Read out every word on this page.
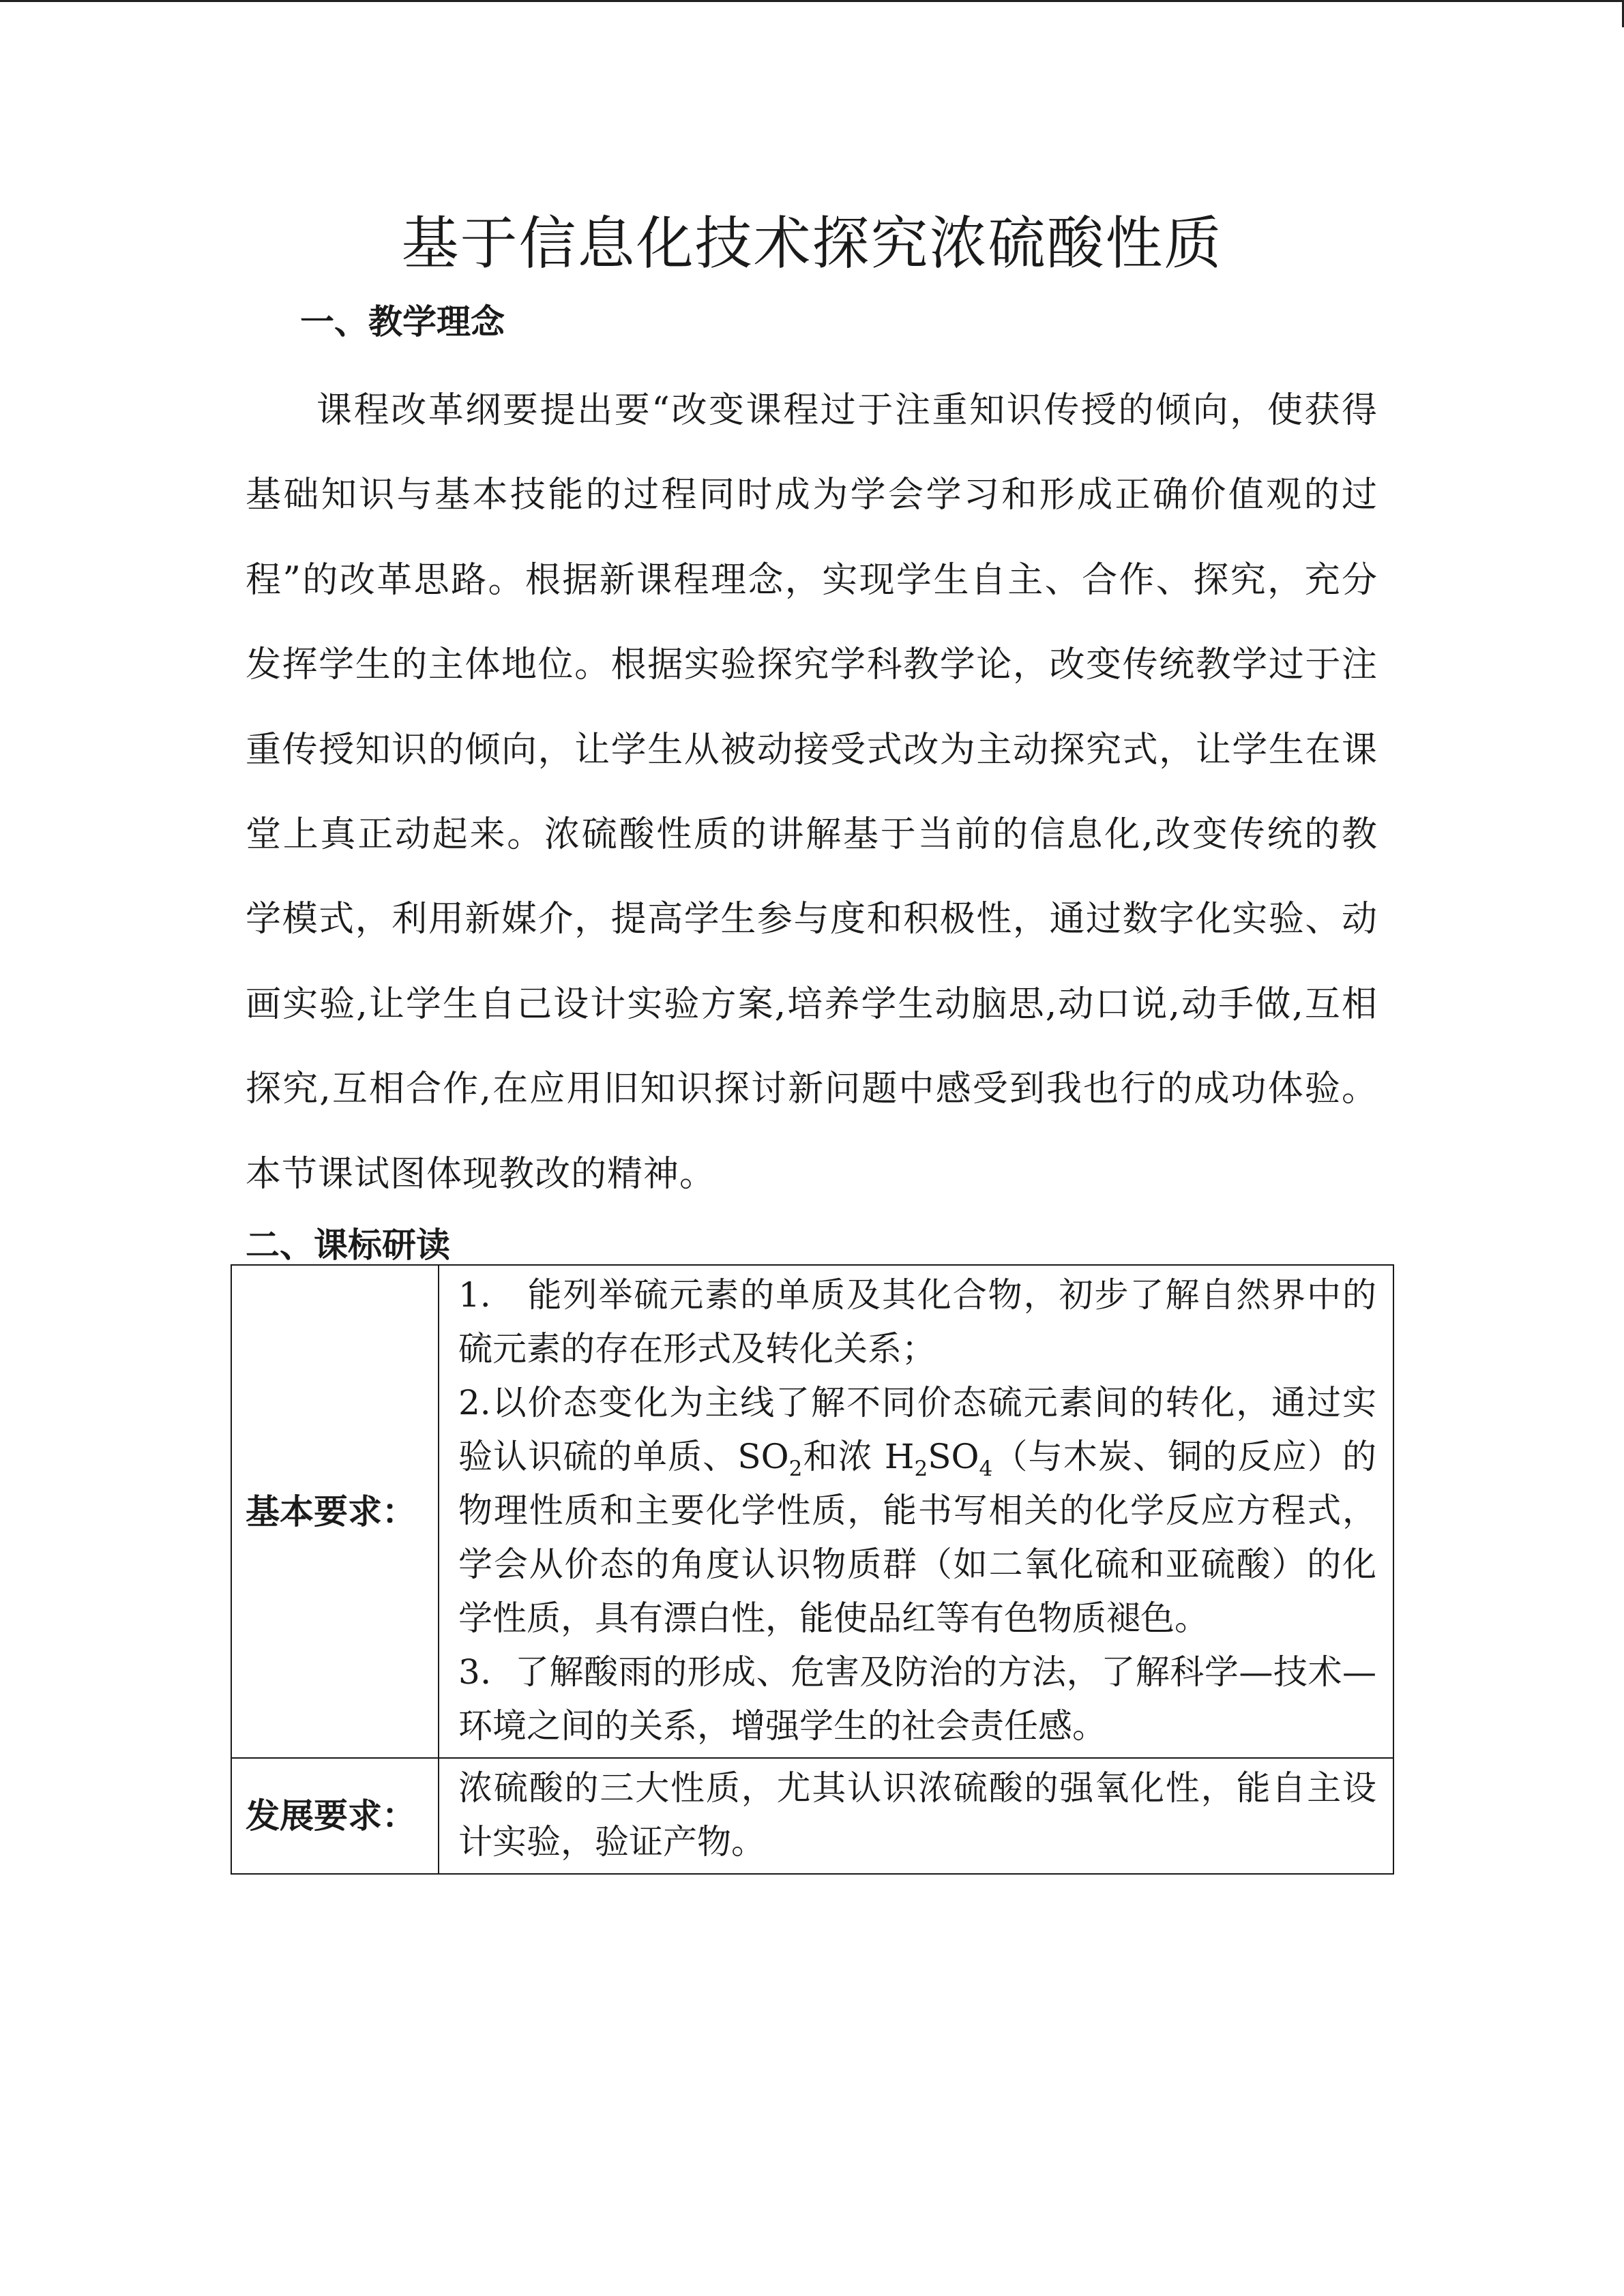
基于信息化技术探究浓硫酸性质
一、教学理念

课程改革纲要提出要“改变课程过于注重知识传授的倾向，使获得基础知识与基本技能的过程同时成为学会学习和形成正确价值观的过程”的改革思路。根据新课程理念，实现学生自主、合作、探究，充分发挥学生的主体地位。根据实验探究学科教学论，改变传统教学过于注重传授知识的倾向，让学生从被动接受式改为主动探究式，让学生在课堂上真正动起来。浓硫酸性质的讲解基于当前的信息化,改变传统的教学模式，利用新媒介，提高学生参与度和积极性，通过数字化实验、动画实验,让学生自己设计实验方案,培养学生动脑思,动口说,动手做,互相探究,互相合作,在应用旧知识探讨新问题中感受到我也行的成功体验。本节课试图体现教改的精神。

二、课标研读
基本要求：	1.　能列举硫元素的单质及其化合物，初步了解自然界中的硫元素的存在形式及转化关系；

2.以价态变化为主线了解不同价态硫元素间的转化，通过实验认识硫的单质、$SO_2$和浓 $H_2SO_4$（与木炭、铜的反应）的物理性质和主要化学性质，能书写相关的化学反应方程式，学会从价态的角度认识物质群（如二氧化硫和亚硫酸）的化学性质，具有漂白性，能使品红等有色物质褪色。

3．了解酸雨的形成、危害及防治的方法，了解科学—技术—环境之间的关系，增强学生的社会责任感。

发展要求：	浓硫酸的三大性质，尤其认识浓硫酸的强氧化性，能自主设计实验，验证产物。
